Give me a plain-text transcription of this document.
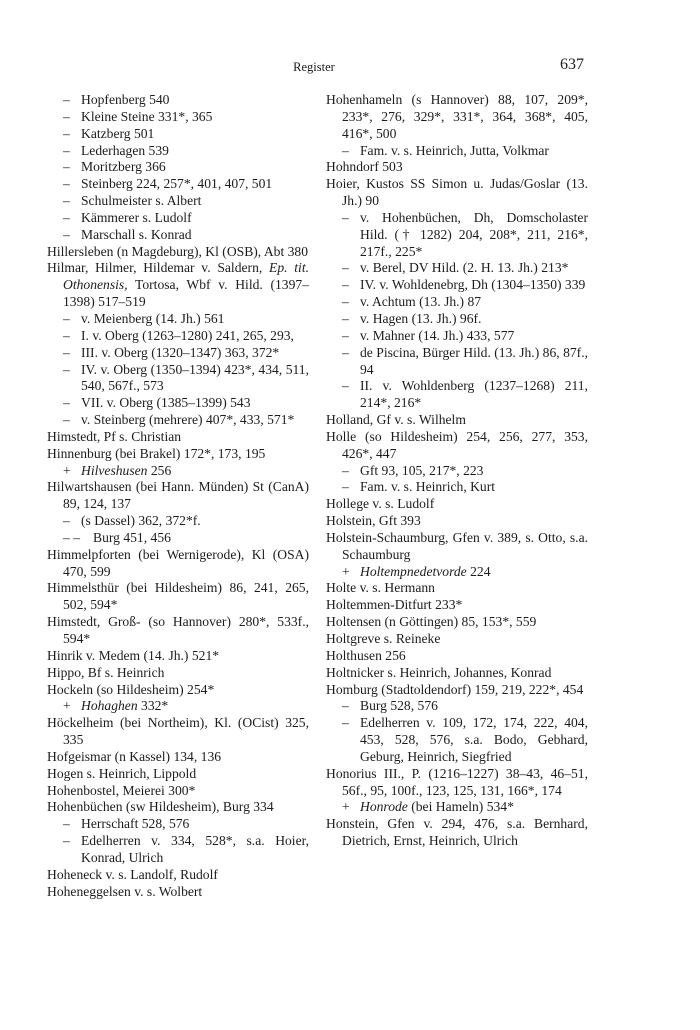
Register	637
– Hopfenberg 540
– Kleine Steine 331*, 365
– Katzberg 501
– Lederhagen 539
– Moritzberg 366
– Steinberg 224, 257*, 401, 407, 501
– Schulmeister s. Albert
– Kämmerer s. Ludolf
– Marschall s. Konrad
Hillersleben (n Magdeburg), Kl (OSB), Abt 380
Hilmar, Hilmer, Hildemar v. Saldern, Ep. tit. Othonensis, Tortosa, Wbf v. Hild. (1397–1398) 517–519
– v. Meienberg (14. Jh.) 561
– I. v. Oberg (1263–1280) 241, 265, 293,
– III. v. Oberg (1320–1347) 363, 372*
– IV. v. Oberg (1350–1394) 423*, 434, 511, 540, 567f., 573
– VII. v. Oberg (1385–1399) 543
– v. Steinberg (mehrere) 407*, 433, 571*
Himstedt, Pf s. Christian
Hinnenburg (bei Brakel) 172*, 173, 195
+ Hilveshusen 256
Hilwartshausen (bei Hann. Münden) St (CanA) 89, 124, 137
– (s Dassel) 362, 372*f.
– – Burg 451, 456
Himmelpforten (bei Wernigerode), Kl (OSA) 470, 599
Himmelsthür (bei Hildesheim) 86, 241, 265, 502, 594*
Himstedt, Groß- (so Hannover) 280*, 533f., 594*
Hinrik v. Medem (14. Jh.) 521*
Hippo, Bf s. Heinrich
Hockeln (so Hildesheim) 254*
+ Hohaghen 332*
Höckelheim (bei Northeim), Kl. (OCist) 325, 335
Hofgeismar (n Kassel) 134, 136
Hogen s. Heinrich, Lippold
Hohenbostel, Meierei 300*
Hohenbüchen (sw Hildesheim), Burg 334
– Herrschaft 528, 576
– Edelherren v. 334, 528*, s.a. Hoier, Konrad, Ulrich
Hoheneck v. s. Landolf, Rudolf
Hoheneggelsen v. s. Wolbert
Hohenhameln (s Hannover) 88, 107, 209*, 233*, 276, 329*, 331*, 364, 368*, 405, 416*, 500
– Fam. v. s. Heinrich, Jutta, Volkmar
Hohndorf 503
Hoier, Kustos SS Simon u. Judas/Goslar (13. Jh.) 90
– v. Hohenbüchen, Dh, Domscholaster Hild. († 1282) 204, 208*, 211, 216*, 217f., 225*
– v. Berel, DV Hild. (2. H. 13. Jh.) 213*
– IV. v. Wohldenebrg, Dh (1304–1350) 339
– v. Achtum (13. Jh.) 87
– v. Hagen (13. Jh.) 96f.
– v. Mahner (14. Jh.) 433, 577
– de Piscina, Bürger Hild. (13. Jh.) 86, 87f., 94
– II. v. Wohldenberg (1237–1268) 211, 214*, 216*
Holland, Gf v. s. Wilhelm
Holle (so Hildesheim) 254, 256, 277, 353, 426*, 447
– Gft 93, 105, 217*, 223
– Fam. v. s. Heinrich, Kurt
Hollege v. s. Ludolf
Holstein, Gft 393
Holstein-Schaumburg, Gfen v. 389, s. Otto, s.a. Schaumburg
+ Holtempnedetvorde 224
Holte v. s. Hermann
Holtemmen-Ditfurt 233*
Holtensen (n Göttingen) 85, 153*, 559
Holtgreve s. Reineke
Holthusen 256
Holtnicker s. Heinrich, Johannes, Konrad
Homburg (Stadtoldendorf) 159, 219, 222*, 454
– Burg 528, 576
– Edelherren v. 109, 172, 174, 222, 404, 453, 528, 576, s.a. Bodo, Gebhard, Geburg, Heinrich, Siegfried
Honorius III., P. (1216–1227) 38–43, 46–51, 56f., 95, 100f., 123, 125, 131, 166*, 174
+ Honrode (bei Hameln) 534*
Honstein, Gfen v. 294, 476, s.a. Bernhard, Dietrich, Ernst, Heinrich, Ulrich
